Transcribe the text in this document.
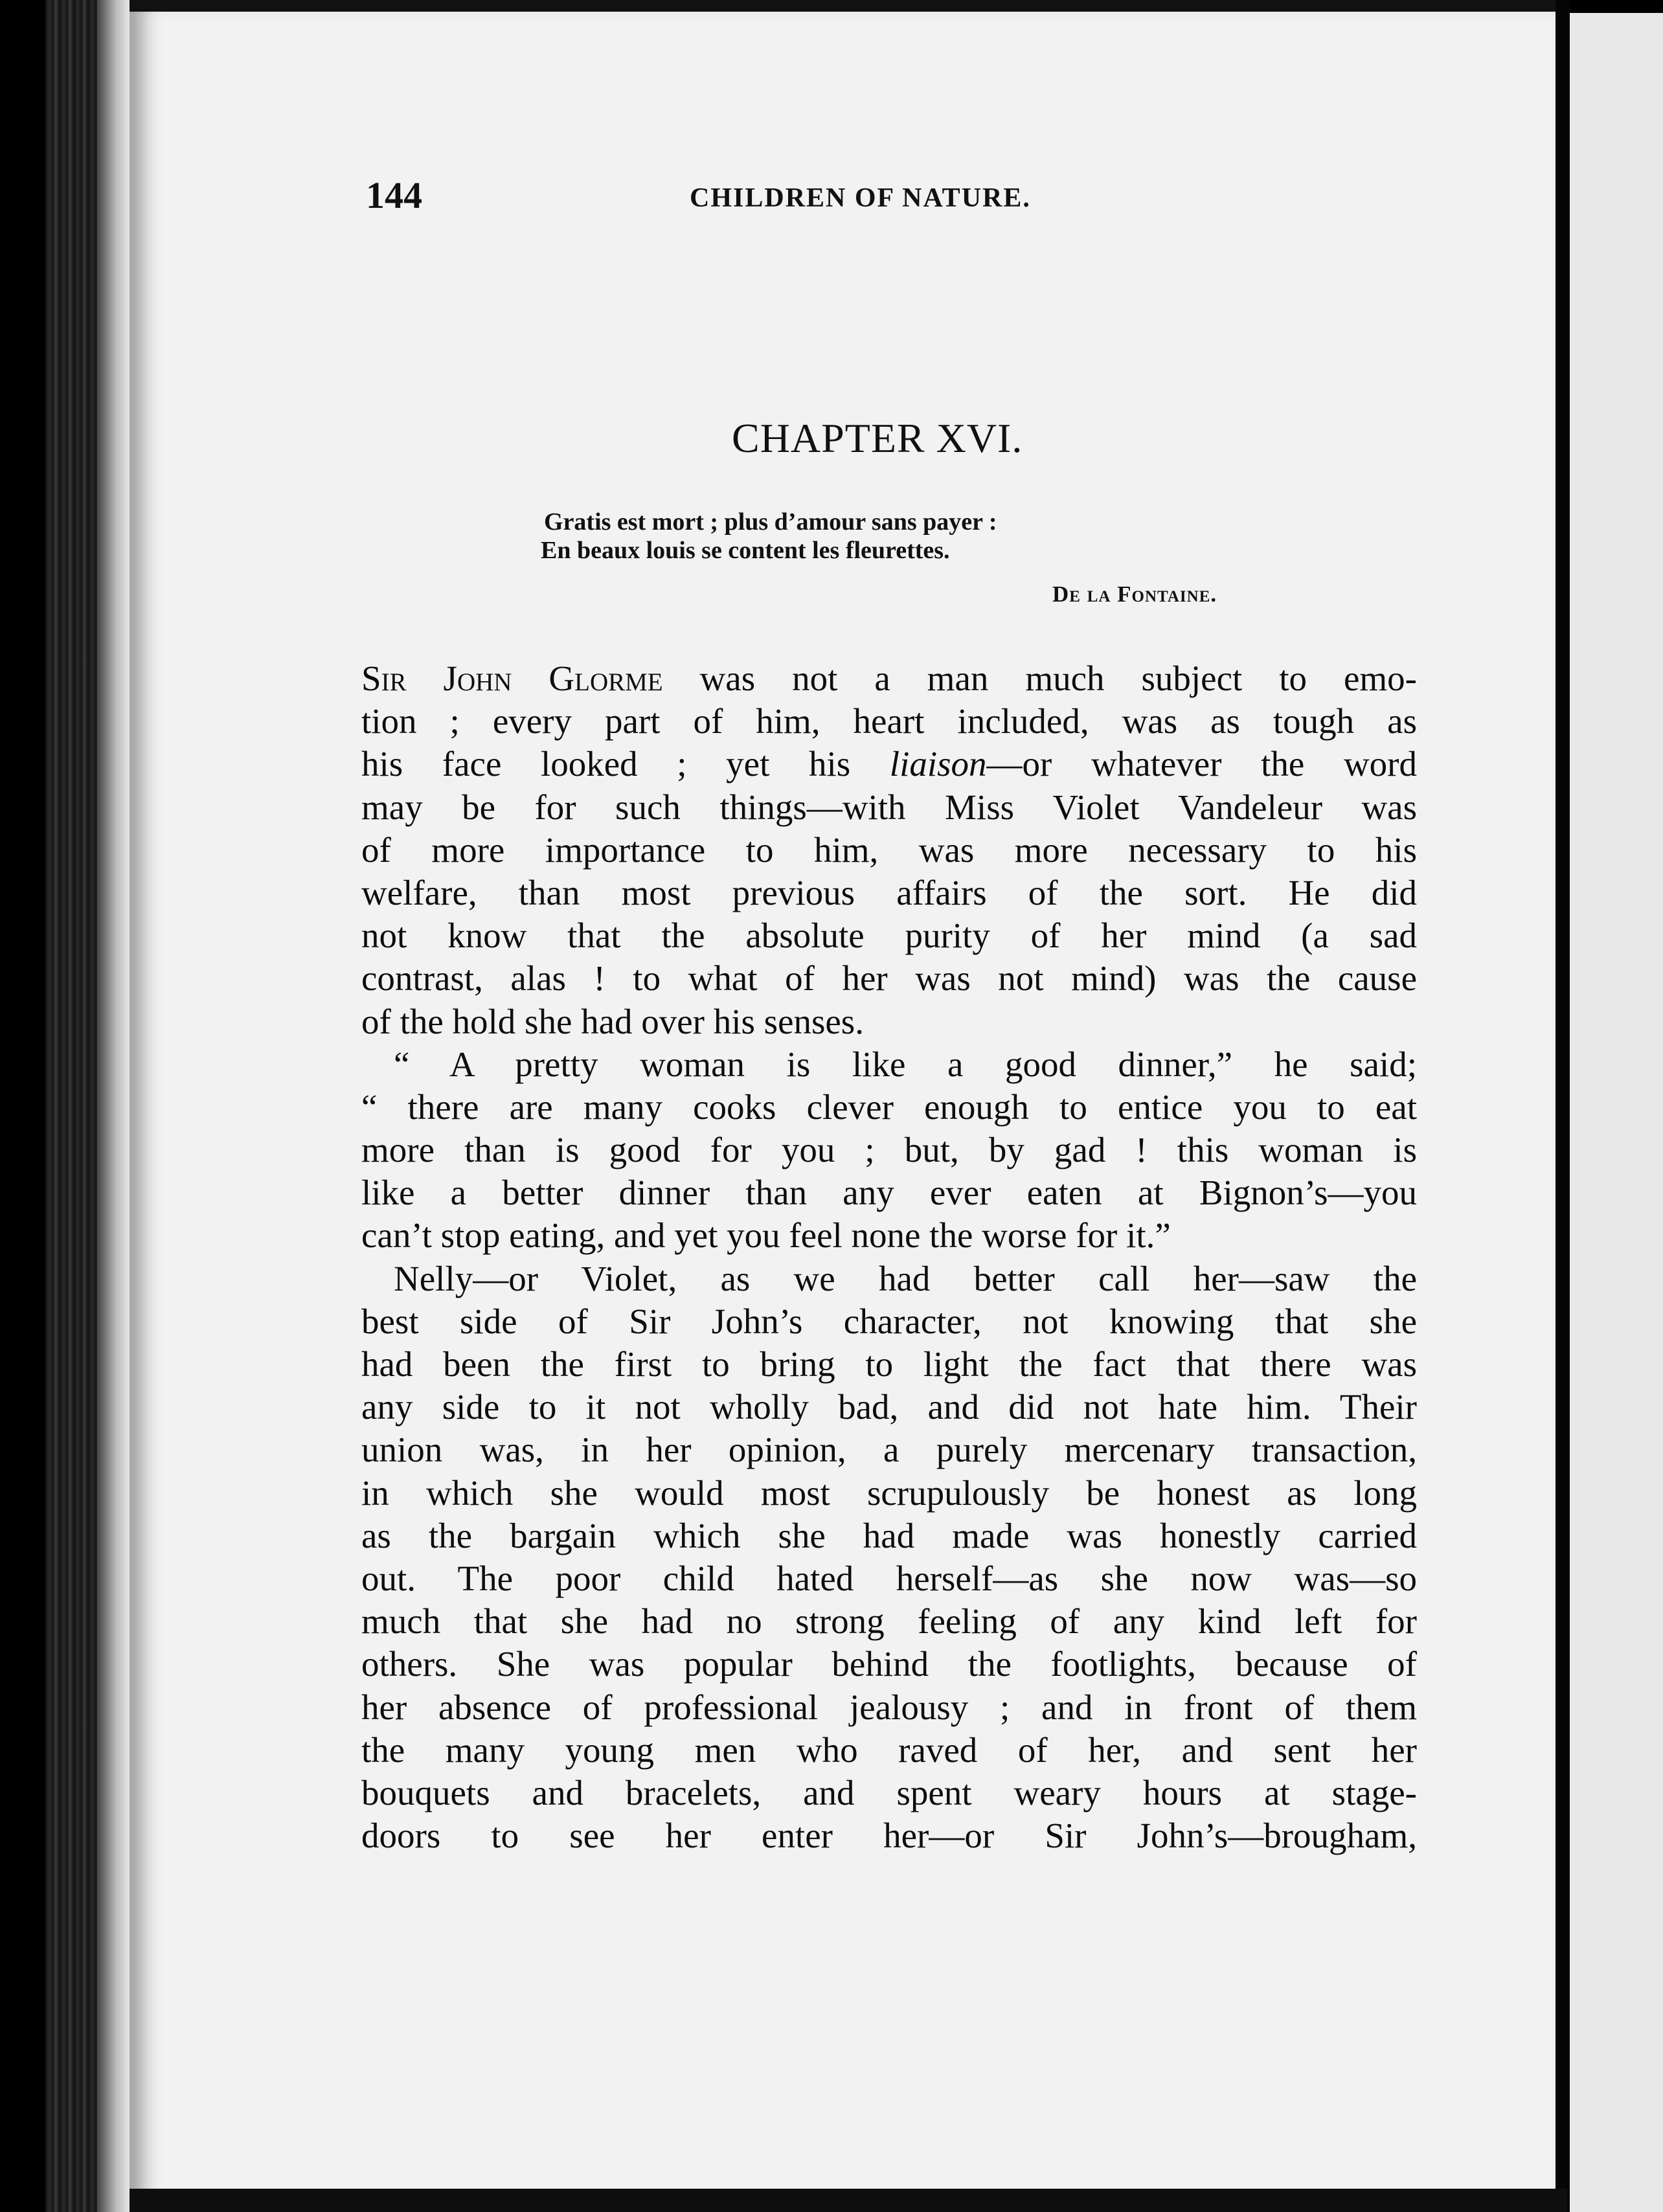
144	CHILDREN OF NATURE.
CHAPTER XVI.
Gratis est mort ; plus d’amour sans payer :
En beaux louis se content les fleurettes.
De la Fontaine.
Sir John Glorme was not a man much subject to emo-
tion ; every part of him, heart included, was as tough as
his face looked ; yet his liaison—or whatever the word
may be for such things—with Miss Violet Vandeleur was
of more importance to him, was more necessary to his
welfare, than most previous affairs of the sort. He did
not know that the absolute purity of her mind (a sad
contrast, alas ! to what of her was not mind) was the cause
of the hold she had over his senses.
“ A pretty woman is like a good dinner,” he said;
“ there are many cooks clever enough to entice you to eat
more than is good for you ; but, by gad ! this woman is
like a better dinner than any ever eaten at Bignon’s—you
can’t stop eating, and yet you feel none the worse for it.”
Nelly—or Violet, as we had better call her—saw the
best side of Sir John’s character, not knowing that she
had been the first to bring to light the fact that there was
any side to it not wholly bad, and did not hate him. Their
union was, in her opinion, a purely mercenary transaction,
in which she would most scrupulously be honest as long
as the bargain which she had made was honestly carried
out. The poor child hated herself—as she now was—so
much that she had no strong feeling of any kind left for
others. She was popular behind the footlights, because of
her absence of professional jealousy ; and in front of them
the many young men who raved of her, and sent her
bouquets and bracelets, and spent weary hours at stage-
doors to see her enter her—or Sir John’s—brougham,
